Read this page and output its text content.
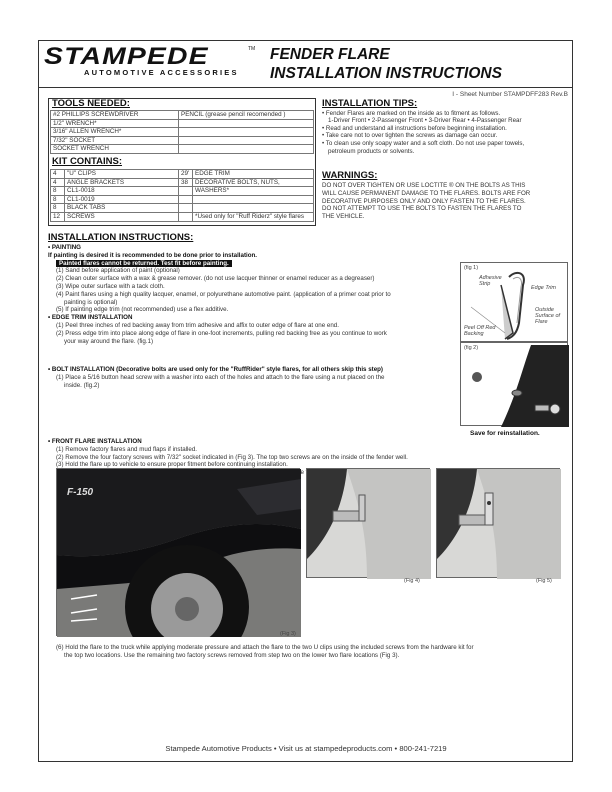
STAMPEDE	TM
AUTOMOTIVE ACCESSORIES
FENDER FLARE
INSTALLATION INSTRUCTIONS
I - Sheet Number STAMPDFF283 Rev.B
TOOLS NEEDED:
#2 PHILLIPS SCREWDRIVER	PENCIL (grease pencil recomended )
1/2" WRENCH*	
3/16" ALLEN WRENCH*	
7/32" SOCKET	
SOCKET WRENCH	
KIT CONTAINS:
4	"U" CLIPS	29'	EDGE TRIM
4	ANGLE BRACKETS	38	DECORATIVE BOLTS, NUTS,
8	CL1-0018		WASHERS*
8	CL1-0019		
8	BLACK TABS		
12	SCREWS		*Used only for "Ruff Riderz" style flares
INSTALLATION TIPS:
• Fender Flares are marked on the inside as to fitment as follows.
1-Driver Front • 2-Passenger Front • 3-Driver Rear • 4-Passenger Rear
• Read and understand all instructions before beginning installation.
• Take care not to over tighten the screws as damage can occur.
• To clean use only soapy water and a soft cloth. Do not use paper towels,
petroleum products or solvents.
WARNINGS:
DO NOT OVER TIGHTEN OR USE LOCTITE ® ON THE BOLTS AS THIS
WILL CAUSE PERMANENT DAMAGE TO THE FLARES. BOLTS ARE FOR
DECORATIVE PURPOSES ONLY AND ONLY FASTEN TO THE FLARES.
DO NOT ATTEMPT TO USE THE BOLTS TO FASTEN THE FLARES TO
THE VEHICLE.
INSTALLATION INSTRUCTIONS:
• PAINTING
If painting is desired it is recommended to be done prior to installation.
Painted flares cannot be returned. Test fit before painting.
(1) Sand before application of paint (optional)
(2) Clean outer surface with a wax & grease remover. (do not use lacquer thinner or enamel reducer as a degreaser)
(3) Wipe outer surface with a tack cloth.
(4) Paint flares using a high quality lacquer, enamel, or polyurethane automotive paint. (application of a primer coat prior to
painting is optional)
(5) If painting edge trim (not recommended) use a flex additive.
• EDGE TRIM INSTALLATION
(1) Peel three inches of red backing away from trim adhesive and affix to outer edge of flare at one end.
(2) Press edge trim into place along edge of flare in one-foot increments, pulling red backing free as you continue to work
your way around the flare. (fig.1)
• BOLT INSTALLATION (Decorative bolts are used only for the "RuffRider" style flares, for all others skip this step)
(1) Place a 5/16 button head screw with a washer into each of the holes and attach to the flare using a nut placed on the
inside. (fig.2)
• FRONT FLARE INSTALLATION
(1) Remove factory flares and mud flaps if installed.
(2) Remove the four factory screws with 7/32" socket indicated in (Fig 3). The top two screws are on the inside of the fender well.
(3) Hold the flare up to vehicle to ensure proper fitment before continuing installation.
Save for reinstallation.
(fig 1)
Adhesive Strip
Edge Trim
Outside Surface of Flare
Peel Off Red Backing
(fig 2)
F-150
(Fig 3)
(Fig 4)	(Fig 5)
(6) Hold the flare to the truck while applying moderate pressure and attach the flare to the two U clips using the included screws from the hardware kit for
the top two locations. Use the remaining two factory screws removed from step two on the lower two flare locations (Fig 3).
Stampede Automotive Products • Visit us at stampedeproducts.com • 800-241-7219
